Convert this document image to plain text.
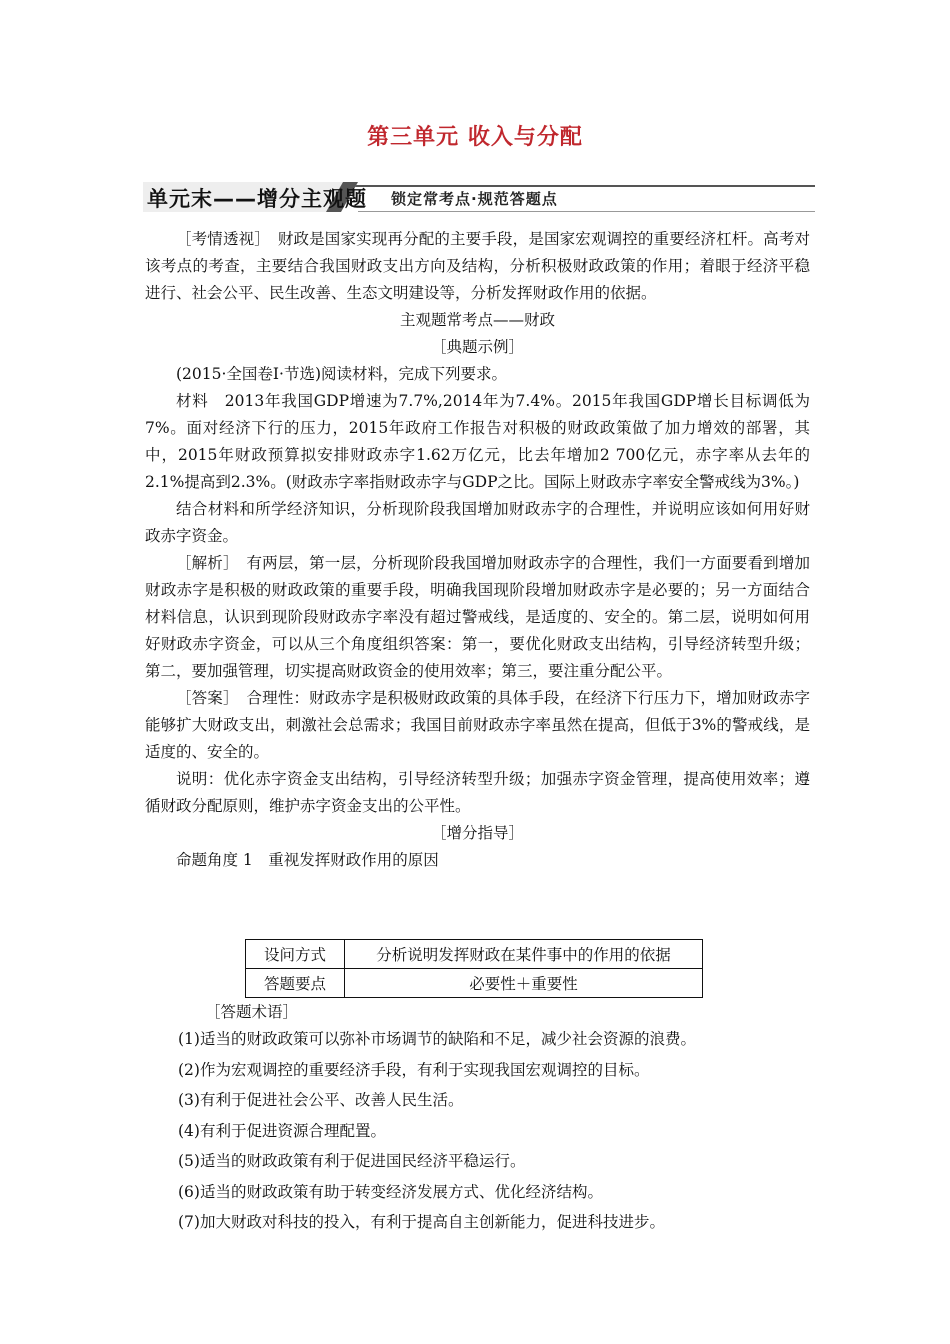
第三单元 收入与分配
单元末——增分主观题 锁定常考点·规范答题点

［考情透视］　财政是国家实现再分配的主要手段，是国家宏观调控的重要经济杠杆。高考对该考点的考查，主要结合我国财政支出方向及结构，分析积极财政政策的作用；着眼于经济平稳进行、社会公平、民生改善、生态文明建设等，分析发挥财政作用的依据。

主观题常考点——财政

［典题示例］

(2015·全国卷Ⅰ·节选)阅读材料，完成下列要求。

材料　2013年我国GDP增速为7.7%,2014年为7.4%。2015年我国GDP增长目标调低为7%。面对经济下行的压力，2015年政府工作报告对积极的财政政策做了加力增效的部署，其中，2015年财政预算拟安排财政赤字1.62万亿元，比去年增加2 700亿元，赤字率从去年的2.1%提高到2.3%。(财政赤字率指财政赤字与GDP之比。国际上财政赤字率安全警戒线为3%。)

结合材料和所学经济知识，分析现阶段我国增加财政赤字的合理性，并说明应该如何用好财政赤字资金。

［解析］　有两层，第一层，分析现阶段我国增加财政赤字的合理性，我们一方面要看到增加财政赤字是积极的财政政策的重要手段，明确我国现阶段增加财政赤字是必要的；另一方面结合材料信息，认识到现阶段财政赤字率没有超过警戒线，是适度的、安全的。第二层，说明如何用好财政赤字资金，可以从三个角度组织答案：第一，要优化财政支出结构，引导经济转型升级；第二，要加强管理，切实提高财政资金的使用效率；第三，要注重分配公平。

［答案］　合理性：财政赤字是积极财政政策的具体手段，在经济下行压力下，增加财政赤字能够扩大财政支出，刺激社会总需求；我国目前财政赤字率虽然在提高，但低于3%的警戒线，是适度的、安全的。

说明：优化赤字资金支出结构，引导经济转型升级；加强赤字资金管理，提高使用效率；遵循财政分配原则，维护赤字资金支出的公平性。

［增分指导］

命题角度 1　重视发挥财政作用的原因

设问方式	分析说明发挥财政在某件事中的作用的依据
答题要点	必要性＋重要性

［答题术语］

(1)适当的财政政策可以弥补市场调节的缺陷和不足，减少社会资源的浪费。

(2)作为宏观调控的重要经济手段，有利于实现我国宏观调控的目标。

(3)有利于促进社会公平、改善人民生活。

(4)有利于促进资源合理配置。

(5)适当的财政政策有利于促进国民经济平稳运行。

(6)适当的财政政策有助于转变经济发展方式、优化经济结构。

(7)加大财政对科技的投入，有利于提高自主创新能力，促进科技进步。
